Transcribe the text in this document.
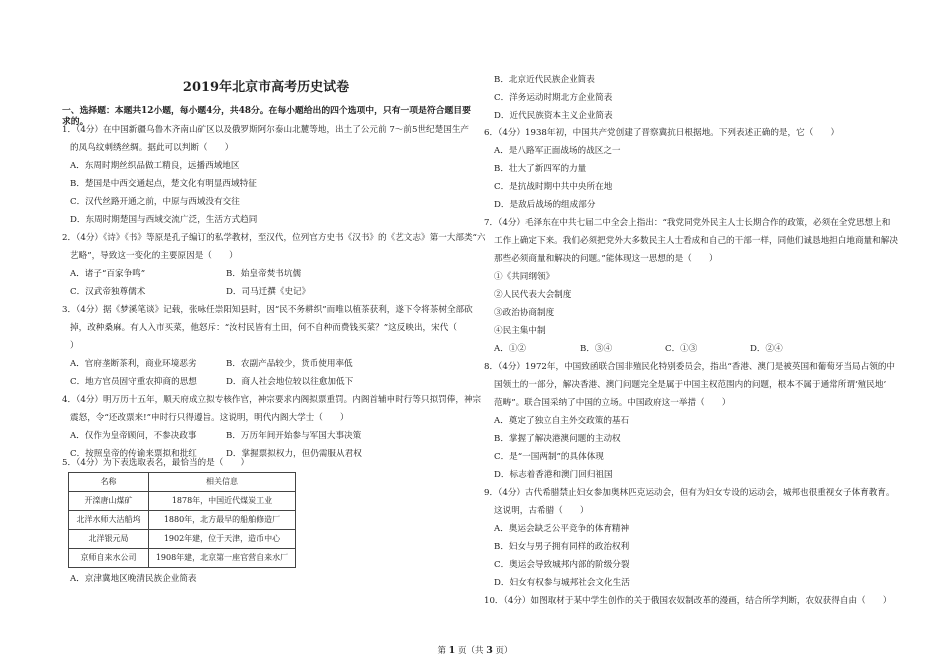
2019年北京市高考历史试卷
一、选择题：本题共12小题，每小题4分，共48分。在每小题给出的四个选项中，只有一项是符合题目要求的。
1．（4分）在中国新疆乌鲁木齐南山矿区以及俄罗斯阿尔泰山北麓等地，出土了公元前 7～前5世纪楚国生产
的凤鸟纹刺绣丝绸。据此可以判断（　　）
A．东周时期丝织品做工精良，远播西域地区
B．楚国是中西交通起点，楚文化有明显西域特征
C．汉代丝路开通之前，中原与西域没有交往
D．东周时期楚国与西域交流广泛，生活方式趋同
2．（4分）《诗》《书》等原是孔子编订的私学教材，至汉代，位列官方史书《汉书》的《艺文志》第一大部类“六
艺略”，导致这一变化的主要原因是（　　）
A．诸子“百家争鸣”	B．始皇帝焚书坑儒
C．汉武帝独尊儒术	D．司马迁撰《史记》
3．（4分）据《梦溪笔谈》记载，张咏任崇阳知县时，因“民不务耕织”而唯以植茶获利，遂下令将茶树全部砍
掉，改种桑麻。有人入市买菜，他怒斥：“汝村民皆有土田，何不自种而费钱买菜？”这反映出，宋代（
）
A．官府垄断茶利，商业环境恶劣	B．农副产品较少，货币使用率低
C．地方官员固守重农抑商的思想	D．商人社会地位较以往愈加低下
4．（4分）明万历十五年，顺天府成立拟专核作官，神宗要求内阁拟票重罚。内阁首辅申时行等只拟罚俸，神宗
震怒，令“还改票来!”申时行只得遵旨。这说明，明代内阁大学士（　　）
A．仅作为皇帝顾问，不参决政事	B．万历年间开始参与军国大事决策
C．按照皇帝的传谕来票拟和批红	D．掌握票拟权力，但仍需服从君权
5．（4分）为下表选取表名，最恰当的是（　　）
名称	相关信息
开滦唐山煤矿	1878年，中国近代煤炭工业
北洋水师大沽船坞	1880年，北方最早的船舶修造厂
北洋银元局	1902年建，位于天津，造币中心
京师自来水公司	1908年建，北京第一座官营自来水厂
A．京津冀地区晚清民族企业简表
B．北京近代民族企业简表
C．洋务运动时期北方企业简表
D．近代民族资本主义企业简表
6．（4分）1938年初，中国共产党创建了晋察冀抗日根据地。下列表述正确的是，它（　　）
A．是八路军正面战场的战区之一
B．壮大了新四军的力量
C．是抗战时期中共中央所在地
D．是敌后战场的组成部分
7．（4分）毛泽东在中共七届二中全会上指出：“我党同党外民主人士长期合作的政策，必须在全党思想上和
工作上确定下来。我们必须把党外大多数民主人士看成和自己的干部一样，同他们诚恳地担白地商量和解决
那些必须商量和解决的问题。”能体现这一思想的是（　　）
①《共同纲领》
②人民代表大会制度
③政治协商制度
④民主集中制
A．①②	B．③④	C．①③	D．②④
8．（4分）1972年，中国致函联合国非殖民化特别委员会，指出“香港、澳门是被英国和葡萄牙当局占领的中
国领土的一部分，解决香港、澳门问题完全是属于中国主权范围内的问题，根本不属于通常所谓‘殖民地’
范畴”。联合国采纳了中国的立场。中国政府这一举措（　　）
A．奠定了独立自主外交政策的基石
B．掌握了解决港澳问题的主动权
C．是“一国两制”的具体体现
D．标志着香港和澳门回归祖国
9．（4分）古代希腊禁止妇女参加奥林匹克运动会，但有为妇女专设的运动会，城邦也很重视女子体育教育。
这说明，古希腊（　　）
A．奥运会缺乏公平竞争的体育精神
B．妇女与男子拥有同样的政治权利
C．奥运会导致城邦内部的阶级分裂
D．妇女有权参与城邦社会文化生活
10．（4分）如图取材于某中学生创作的关于俄国农奴制改革的漫画，结合所学判断，农奴获得自由（　　）
第 1 页（共 3 页）
